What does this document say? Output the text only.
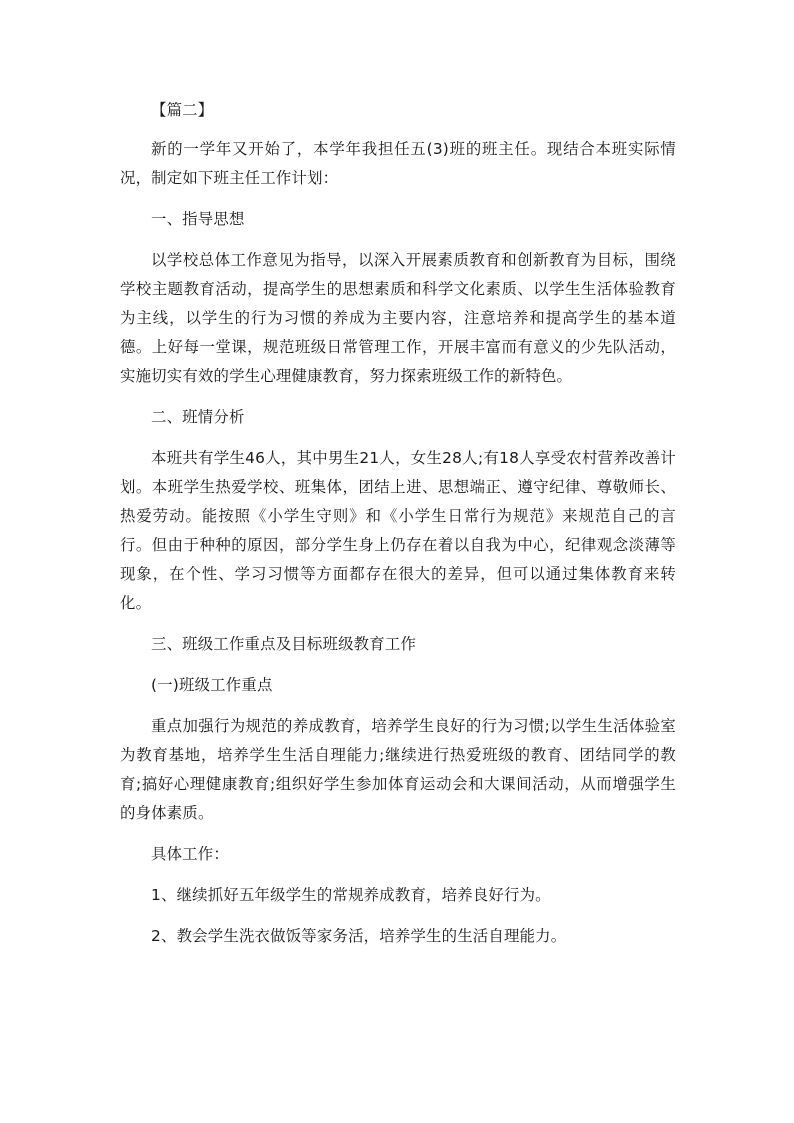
【篇二】

新的一学年又开始了，本学年我担任五(3)班的班主任。现结合本班实际情况，制定如下班主任工作计划：

一、指导思想

以学校总体工作意见为指导，以深入开展素质教育和创新教育为目标，围绕学校主题教育活动，提高学生的思想素质和科学文化素质、以学生生活体验教育为主线，以学生的行为习惯的养成为主要内容，注意培养和提高学生的基本道德。上好每一堂课，规范班级日常管理工作，开展丰富而有意义的少先队活动，实施切实有效的学生心理健康教育，努力探索班级工作的新特色。

二、班情分析

本班共有学生46人，其中男生21人，女生28人;有18人享受农村营养改善计划。本班学生热爱学校、班集体，团结上进、思想端正、遵守纪律、尊敬师长、热爱劳动。能按照《小学生守则》和《小学生日常行为规范》来规范自己的言行。但由于种种的原因，部分学生身上仍存在着以自我为中心，纪律观念淡薄等现象，在个性、学习习惯等方面都存在很大的差异，但可以通过集体教育来转化。

三、班级工作重点及目标班级教育工作

(一)班级工作重点

重点加强行为规范的养成教育，培养学生良好的行为习惯;以学生生活体验室为教育基地，培养学生生活自理能力;继续进行热爱班级的教育、团结同学的教育;搞好心理健康教育;组织好学生参加体育运动会和大课间活动，从而增强学生的身体素质。

具体工作：

1、继续抓好五年级学生的常规养成教育，培养良好行为。

2、教会学生洗衣做饭等家务活，培养学生的生活自理能力。
